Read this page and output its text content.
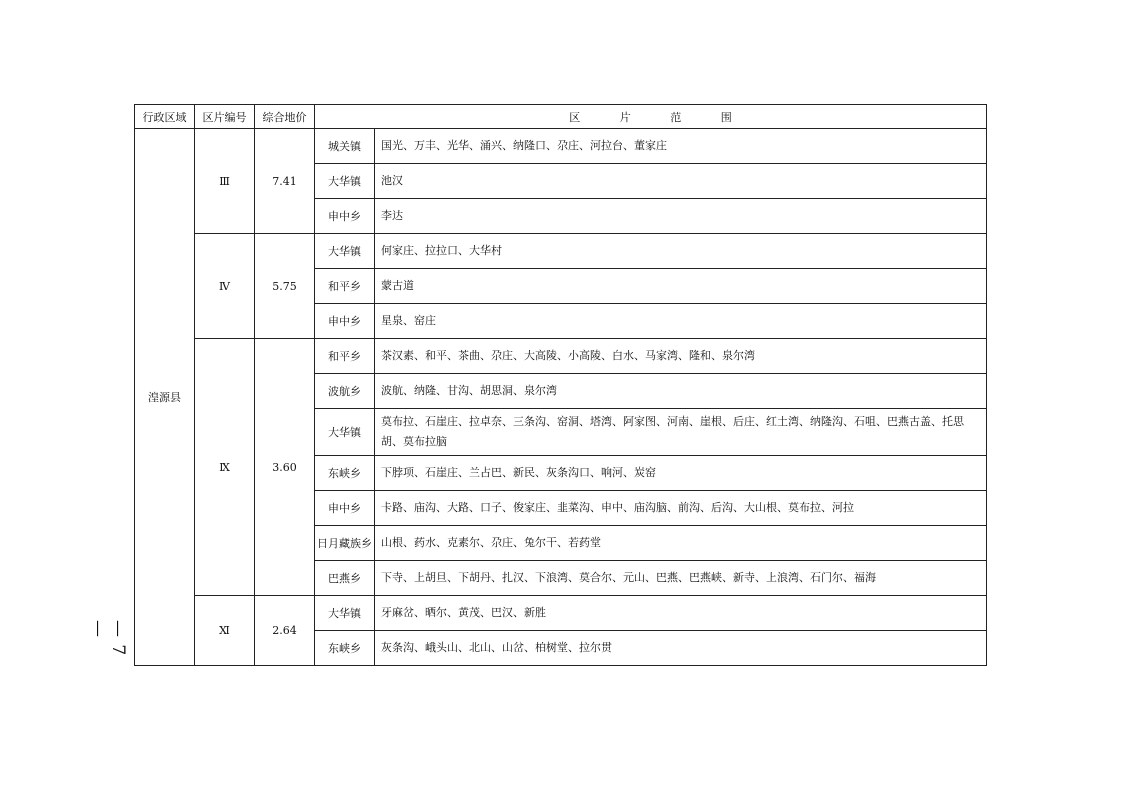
— 7 —
行政区域	区片编号	综合地价	区 片 范 围	
湟源县	Ⅲ	7.41	城关镇	国光、万丰、光华、涌兴、纳隆口、尕庄、河拉台、董家庄
			大华镇	池汉
			申中乡	李达
	Ⅳ	5.75	大华镇	何家庄、拉拉口、大华村
			和平乡	蒙古道
			申中乡	星泉、窑庄
	Ⅸ	3.60	和平乡	茶汉素、和平、茶曲、尕庄、大高陵、小高陵、白水、马家湾、隆和、泉尔湾
			波航乡	波航、纳隆、甘沟、胡思洞、泉尔湾
			大华镇	莫布拉、石崖庄、拉卓奈、三条沟、窑洞、塔湾、阿家图、河南、崖根、后庄、红土湾、纳隆沟、石咀、巴燕古盖、托思胡、莫布拉脑
			东峡乡	下脖项、石崖庄、兰占巴、新民、灰条沟口、响河、炭窑
			申中乡	卡路、庙沟、大路、口子、俊家庄、韭菜沟、申中、庙沟脑、前沟、后沟、大山根、莫布拉、河拉
			日月藏族乡	山根、药水、克素尔、尕庄、兔尔干、若药堂
			巴燕乡	下寺、上胡旦、下胡丹、扎汉、下浪湾、莫合尔、元山、巴燕、巴燕峡、新寺、上浪湾、石门尔、福海
	Ⅺ	2.64	大华镇	牙麻岔、晒尔、黄茂、巴汉、新胜
			东峡乡	灰条沟、峨头山、北山、山岔、柏树堂、拉尔贯
